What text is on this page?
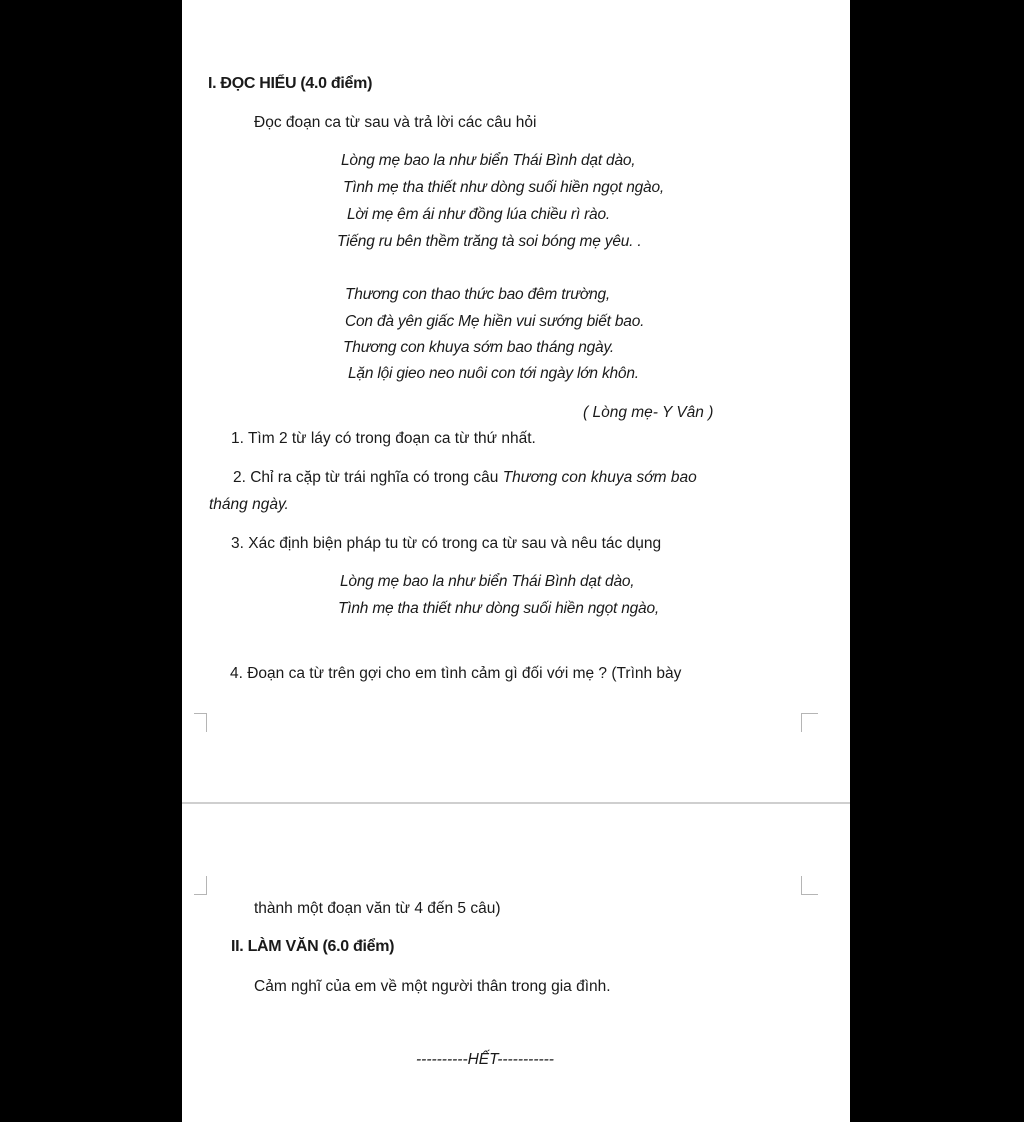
I. ĐỌC HIỂU (4.0 điểm)
Đọc đoạn ca từ sau và trả lời các câu hỏi
Lòng mẹ bao la như biển Thái Bình dạt dào,
Tình mẹ tha thiết như dòng suối hiền ngọt ngào,
Lời mẹ êm ái như đồng lúa chiều rì rào.
Tiếng ru bên thềm trăng tà soi bóng mẹ yêu. .
Thương con thao thức bao đêm trường,
Con đà yên giấc Mẹ hiền vui sướng biết bao.
Thương con khuya sớm bao tháng ngày.
Lặn lội gieo neo nuôi con tới ngày lớn khôn.
( Lòng mẹ- Y Vân )
1. Tìm 2 từ láy có trong đoạn ca từ thứ nhất.
2. Chỉ ra cặp từ trái nghĩa có trong câu Thương con khuya sớm bao
tháng ngày.
3. Xác định biện pháp tu từ có trong ca từ sau và nêu tác dụng
Lòng mẹ bao la như biển Thái Bình dạt dào,
Tình mẹ tha thiết như dòng suối hiền ngọt ngào,
4. Đoạn ca từ trên gợi cho em tình cảm gì đối với mẹ ? (Trình bày
thành một đoạn văn từ 4 đến 5 câu)
II. LÀM VĂN (6.0 điểm)
Cảm nghĩ của em về một người thân trong gia đình.
----------HẾT-----------
